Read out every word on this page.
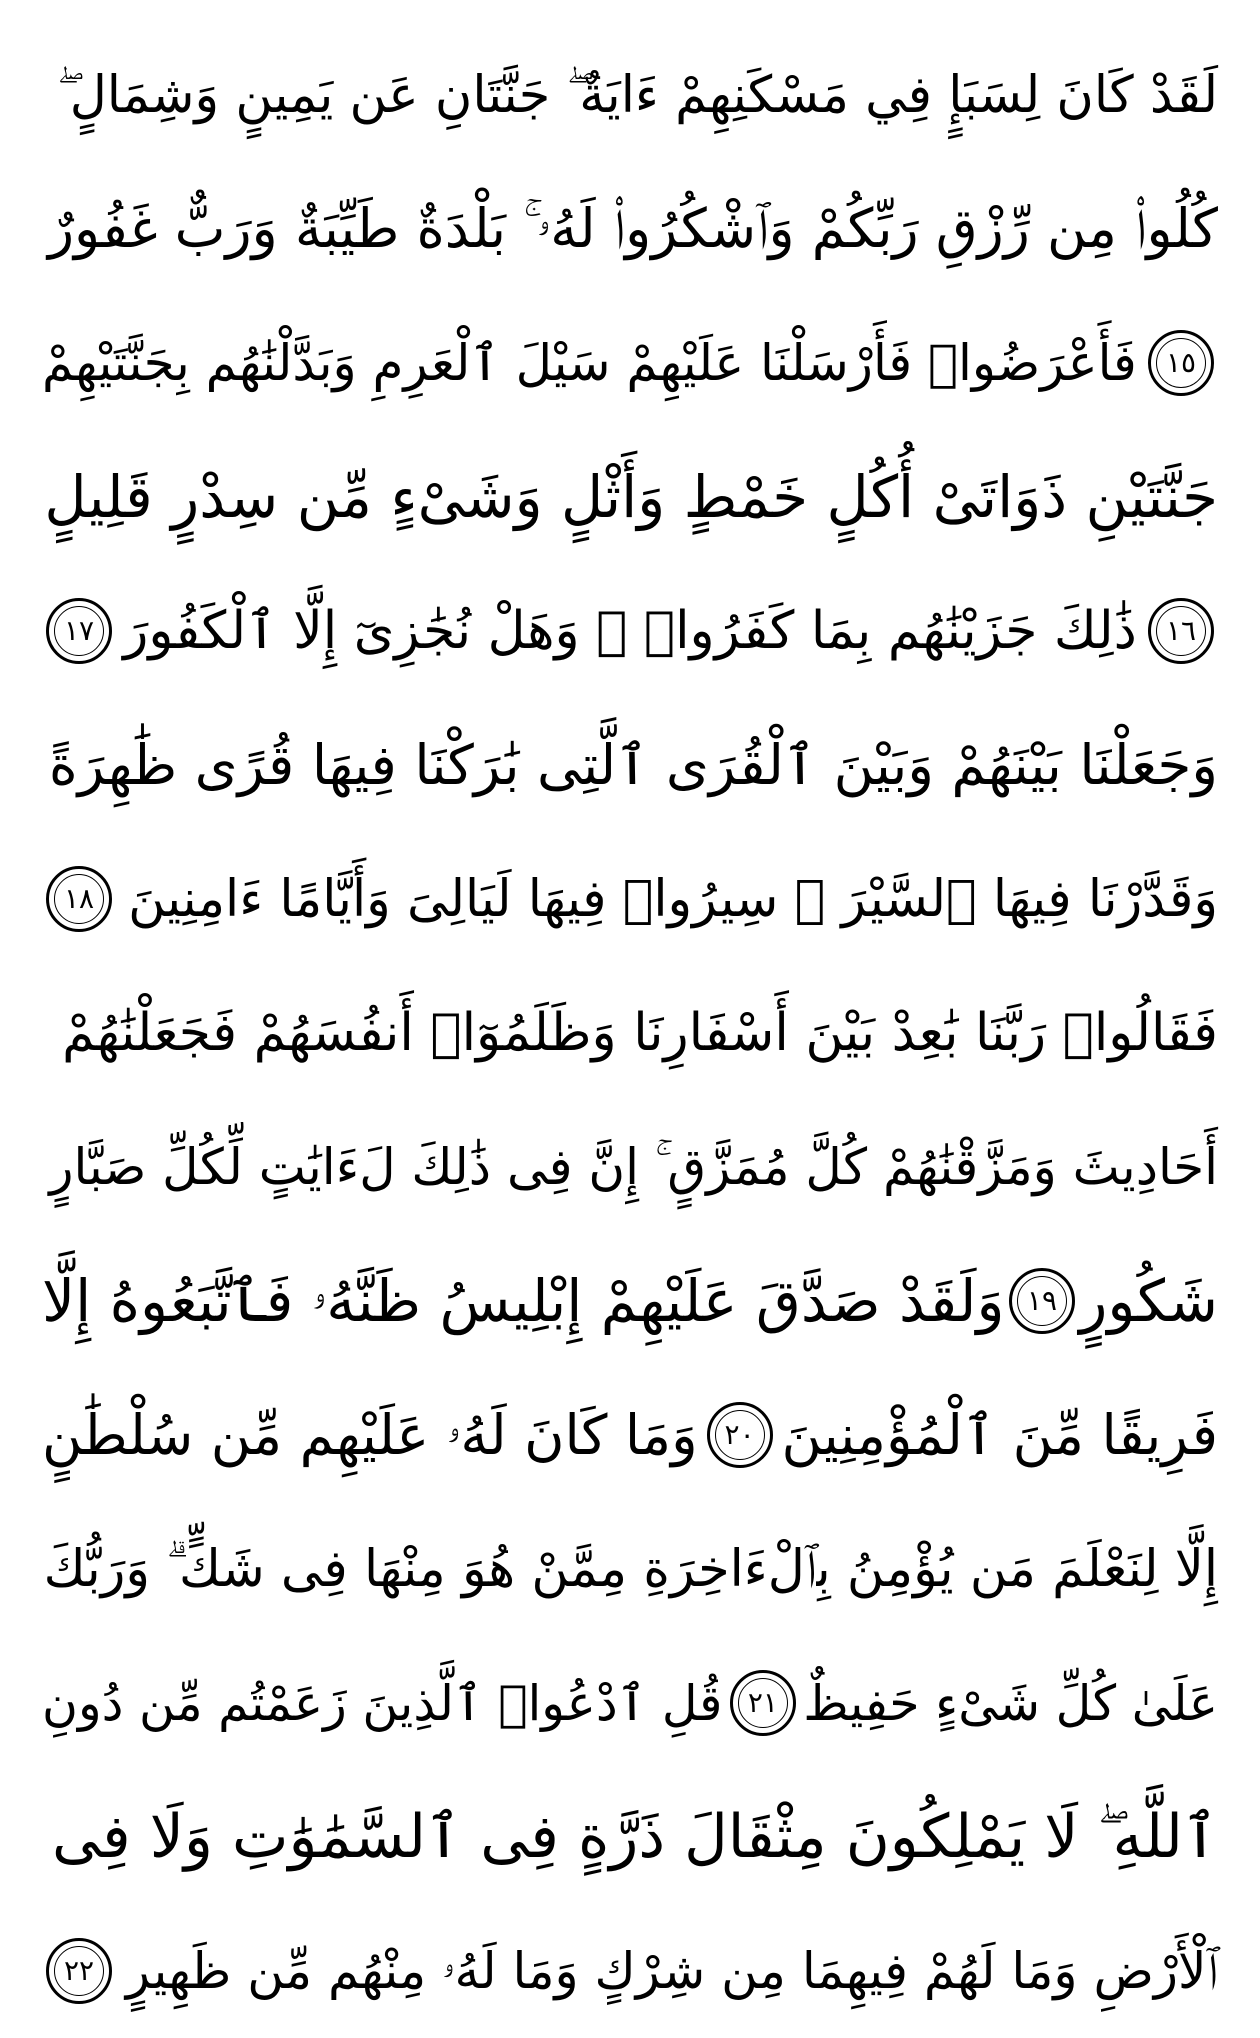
لَقَدْ كَانَ لِسَبَإٍ فِي مَسْكَنِهِمْ ءَايَةٌ ۖ جَنَّتَانِ عَن يَمِينٍ وَشِمَالٍ ۖ
كُلُوا۟ مِن رِّزْقِ رَبِّكُمْ وَٱشْكُرُوا۟ لَهُۥ ۚ بَلْدَةٌ طَيِّبَةٌ وَرَبٌّ غَفُورٌ
١٥
فَأَعْرَضُوا۟ فَأَرْسَلْنَا عَلَيْهِمْ سَيْلَ ٱلْعَرِمِ وَبَدَّلْنَٰهُم بِجَنَّتَيْهِمْ
جَنَّتَيْنِ ذَوَاتَىْ أُكُلٍ خَمْطٍ وَأَثْلٍ وَشَىْءٍ مِّن سِدْرٍ قَلِيلٍ
١٦
ذَٰلِكَ جَزَيْنَٰهُم بِمَا كَفَرُوا۟ ۖ وَهَلْ نُجَٰزِىٓ إِلَّا ٱلْكَفُورَ
١٧
وَجَعَلْنَا بَيْنَهُمْ وَبَيْنَ ٱلْقُرَى ٱلَّتِى بَٰرَكْنَا فِيهَا قُرًى ظَٰهِرَةً
وَقَدَّرْنَا فِيهَا ٱلسَّيْرَ ۖ سِيرُوا۟ فِيهَا لَيَالِىَ وَأَيَّامًا ءَامِنِينَ
١٨
فَقَالُوا۟ رَبَّنَا بَٰعِدْ بَيْنَ أَسْفَارِنَا وَظَلَمُوٓا۟ أَنفُسَهُمْ فَجَعَلْنَٰهُمْ
أَحَادِيثَ وَمَزَّقْنَٰهُمْ كُلَّ مُمَزَّقٍ ۚ إِنَّ فِى ذَٰلِكَ لَءَايَٰتٍ لِّكُلِّ صَبَّارٍ
شَكُورٍ
١٩
وَلَقَدْ صَدَّقَ عَلَيْهِمْ إِبْلِيسُ ظَنَّهُۥ فَٱتَّبَعُوهُ إِلَّا
فَرِيقًا مِّنَ ٱلْمُؤْمِنِينَ
٢٠
وَمَا كَانَ لَهُۥ عَلَيْهِم مِّن سُلْطَٰنٍ
إِلَّا لِنَعْلَمَ مَن يُؤْمِنُ بِٱلْءَاخِرَةِ مِمَّنْ هُوَ مِنْهَا فِى شَكٍّ ۗ وَرَبُّكَ
عَلَىٰ كُلِّ شَىْءٍ حَفِيظٌ
٢١
قُلِ ٱدْعُوا۟ ٱلَّذِينَ زَعَمْتُم مِّن دُونِ
ٱللَّهِ ۖ لَا يَمْلِكُونَ مِثْقَالَ ذَرَّةٍ فِى ٱلسَّمَٰوَٰتِ وَلَا فِى
ٱلْأَرْضِ وَمَا لَهُمْ فِيهِمَا مِن شِرْكٍ وَمَا لَهُۥ مِنْهُم مِّن ظَهِيرٍ
٢٢
